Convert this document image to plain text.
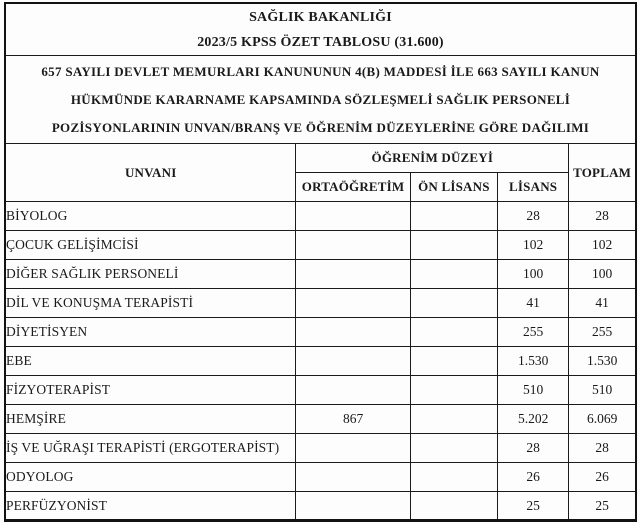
SAĞLIK BAKANLIĞI
2023/5 KPSS ÖZET TABLOSU (31.600)				

657 SAYILI DEVLET MEMURLARI KANUNUNUN 4(B) MADDESİ İLE 663 SAYILI KANUN
HÜKMÜNDE KARARNAME KAPSAMINDA SÖZLEŞMELİ SAĞLIK PERSONELİ
POZİSYONLARININ UNVAN/BRANŞ VE ÖĞRENİM DÜZEYLERİNE GÖRE DAĞILIMI				

UNVANI	ÖĞRENİM DÜZEYİ			TOPLAM
	ORTAÖĞRETİM	ÖN LİSANS	LİSANS	
BİYOLOG			28	28
ÇOCUK GELİŞİMCİSİ			102	102
DİĞER SAĞLIK PERSONELİ			100	100
DİL VE KONUŞMA TERAPİSTİ			41	41
DİYETİSYEN			255	255
EBE			1.530	1.530
FİZYOTERAPİST			510	510
HEMŞİRE	867		5.202	6.069
İŞ VE UĞRAŞI TERAPİSTİ (ERGOTERAPİST)			28	28
ODYOLOG			26	26
PERFÜZYONİST			25	25
